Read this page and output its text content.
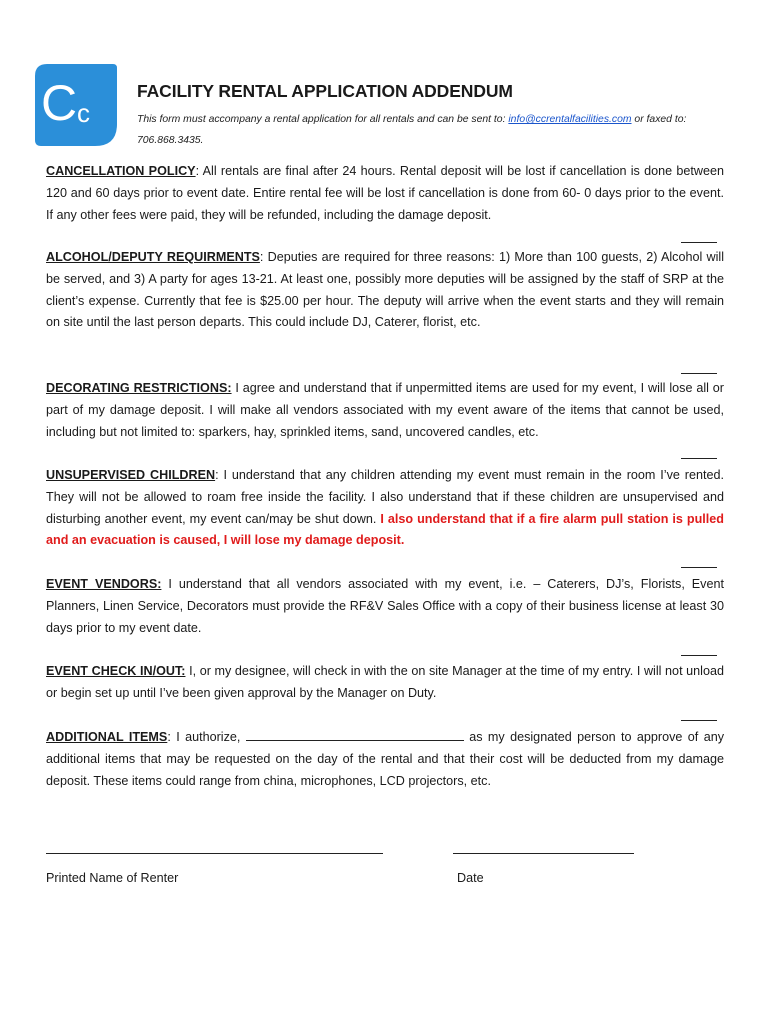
C c
FACILITY RENTAL APPLICATION ADDENDUM
This form must accompany a rental application for all rentals and can be sent to: info@ccrentalfacilities.com or faxed to: 706.868.3435.
CANCELLATION POLICY: All rentals are final after 24 hours. Rental deposit will be lost if cancellation is done between 120 and 60 days prior to event date. Entire rental fee will be lost if cancellation is done from 60- 0 days prior to the event. If any other fees were paid, they will be refunded, including the damage deposit.
ALCOHOL/DEPUTY REQUIRMENTS: Deputies are required for three reasons: 1) More than 100 guests, 2) Alcohol will be served, and 3) A party for ages 13-21. At least one, possibly more deputies will be assigned by the staff of SRP at the client’s expense. Currently that fee is $25.00 per hour. The deputy will arrive when the event starts and they will remain on site until the last person departs. This could include DJ, Caterer, florist, etc.
DECORATING RESTRICTIONS: I agree and understand that if unpermitted items are used for my event, I will lose all or part of my damage deposit. I will make all vendors associated with my event aware of the items that cannot be used, including but not limited to: sparkers, hay, sprinkled items, sand, uncovered candles, etc.
UNSUPERVISED CHILDREN: I understand that any children attending my event must remain in the room I’ve rented. They will not be allowed to roam free inside the facility. I also understand that if these children are unsupervised and disturbing another event, my event can/may be shut down. I also understand that if a fire alarm pull station is pulled and an evacuation is caused, I will lose my damage deposit.
EVENT VENDORS: I understand that all vendors associated with my event, i.e. – Caterers, DJ’s, Florists, Event Planners, Linen Service, Decorators must provide the RF&V Sales Office with a copy of their business license at least 30 days prior to my event date.
EVENT CHECK IN/OUT: I, or my designee, will check in with the on site Manager at the time of my entry. I will not unload or begin set up until I’ve been given approval by the Manager on Duty.
ADDITIONAL ITEMS: I authorize,	as my designated person to approve of any additional items that may be requested on the day of the rental and that their cost will be deducted from my damage deposit. These items could range from china, microphones, LCD projectors, etc.
Printed Name of Renter	Date
